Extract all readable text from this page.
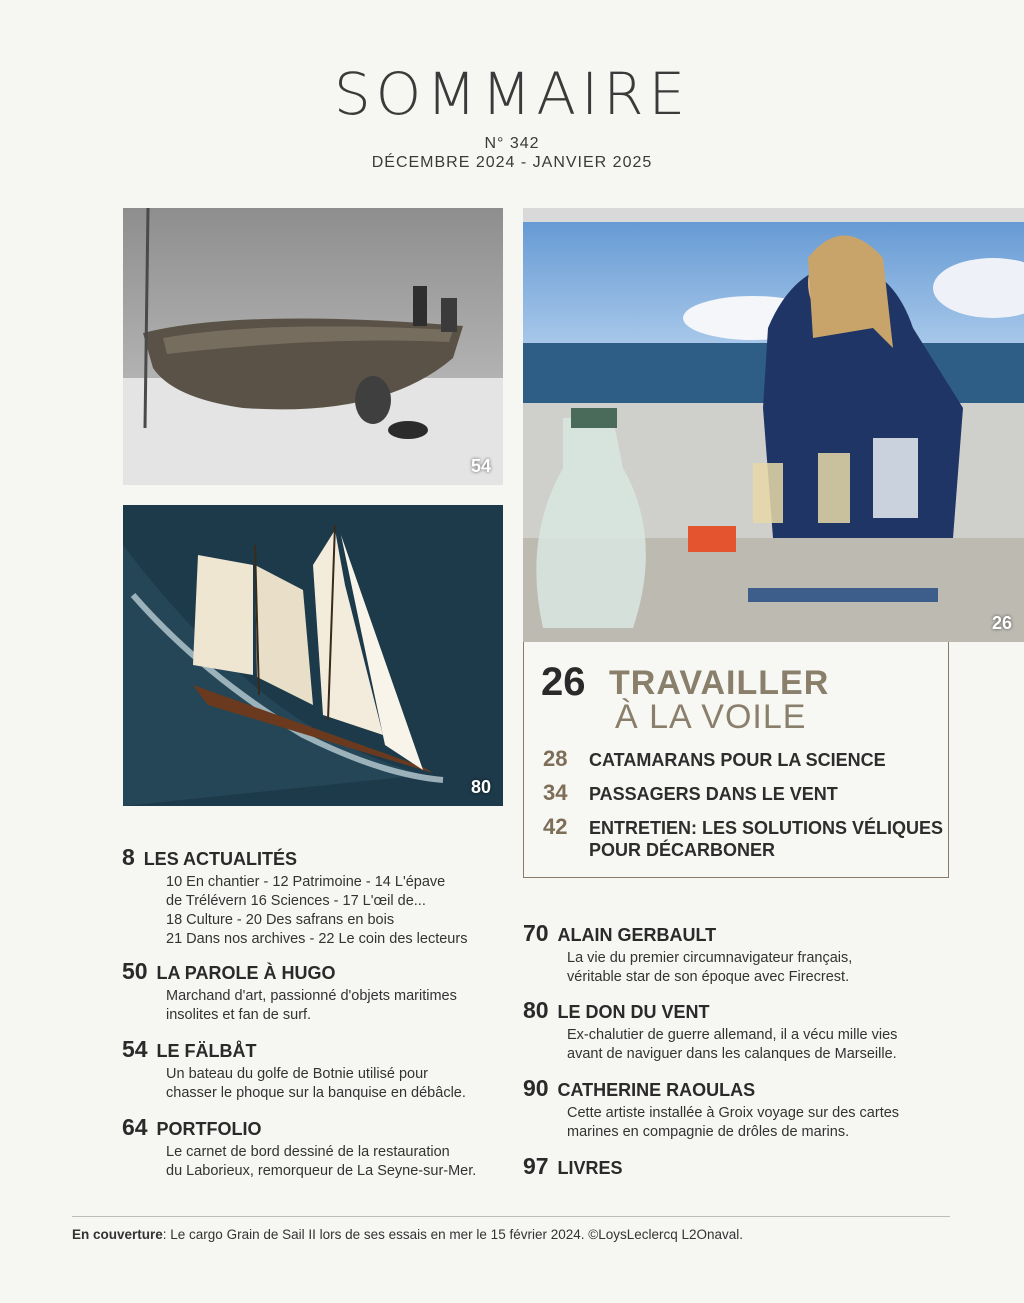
SOMMAIRE
N° 342
DÉCEMBRE 2024 - JANVIER 2025
54
80
26
26 TRAVAILLER
À LA VOILE
28 CATAMARANS POUR LA SCIENCE
34 PASSAGERS DANS LE VENT
42 ENTRETIEN: LES SOLUTIONS VÉLIQUES
POUR DÉCARBONER
8 LES ACTUALITÉS
10 En chantier - 12 Patrimoine - 14 L'épave
de Trélévern 16 Sciences - 17 L'œil de...
18 Culture - 20 Des safrans en bois
21 Dans nos archives - 22 Le coin des lecteurs
50 LA PAROLE À HUGO
Marchand d'art, passionné d'objets maritimes
insolites et fan de surf.
54 LE FÄLBÅT
Un bateau du golfe de Botnie utilisé pour
chasser le phoque sur la banquise en débâcle.
64 PORTFOLIO
Le carnet de bord dessiné de la restauration
du Laborieux, remorqueur de La Seyne-sur-Mer.
70 ALAIN GERBAULT
La vie du premier circumnavigateur français,
véritable star de son époque avec Firecrest.
80 LE DON DU VENT
Ex-chalutier de guerre allemand, il a vécu mille vies
avant de naviguer dans les calanques de Marseille.
90 CATHERINE RAOULAS
Cette artiste installée à Groix voyage sur des cartes
marines en compagnie de drôles de marins.
97 LIVRES
En couverture: Le cargo Grain de Sail II lors de ses essais en mer le 15 février 2024. ©LoysLeclercq L2Onaval.
